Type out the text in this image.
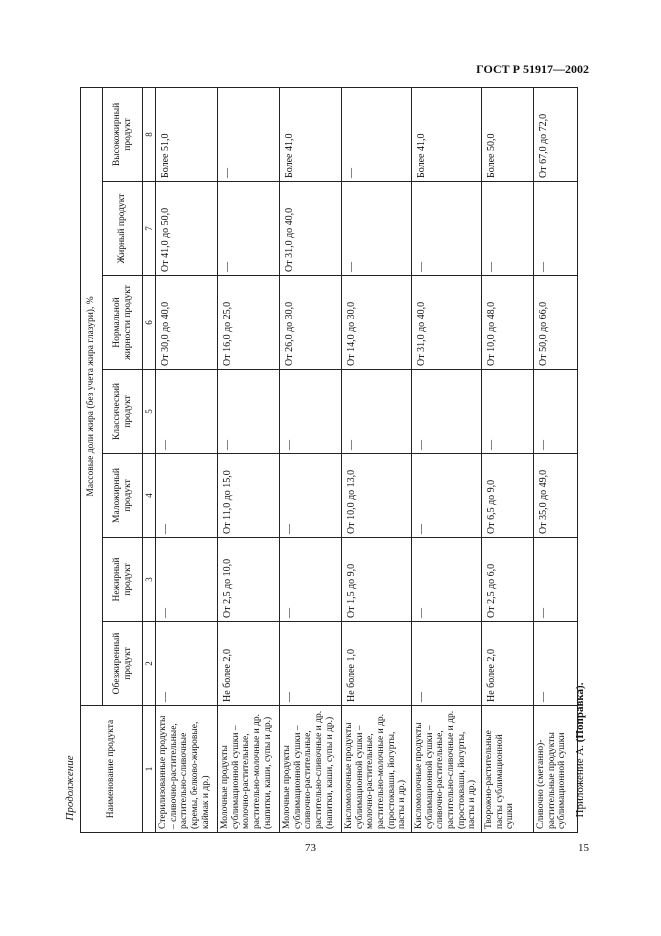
ГОСТ Р 51917—2002
Продолжение	Наименование продукта	Массовые доли жира (без учета жира глазури), %						
	Обезжиренный продукт	Нежирный продукт	Маложирный продукт	Классический продукт	Нормальной жирности продукт	Жирный продукт	Высокожирный продукт
1	2	3	4	5	6	7	8
Стерилизованные продукты – сливочно-растительные, растительно-сливочные (кремы, белково-жировые, каймак и др.)	—	—	—	—	От 30,0 до 40,0	От 41,0 до 50,0	Более 51,0
Молочные продукты сублимационной сушки – молочно-растительные, растительно-молочные и др. (напитки, каши, супы и др.)	Не более 2,0	От 2,5 до 10,0	От 11,0 до 15,0	—	От 16,0 до 25,0	—	—
Молочные продукты сублимационной сушки – сливочно-растительные, растительно-сливочные и др. (напитки, каши, супы и др.)	—	—	—	—	От 26,0 до 30,0	От 31,0 до 40,0	Более 41,0
Кисломолочные продукты сублимационной сушки – молочно-растительные, растительно-молочные и др. (простокваши, йогурты, пасты и др.)	Не более 1,0	От 1,5 до 9,0	От 10,0 до 13,0	—	От 14,0 до 30,0	—	—
Кисломолочные продукты сублимационной сушки – сливочно-растительные, растительно-сливочные и др. (простокваши, йогурты, пасты и др.)	—	—	—	—	От 31,0 до 40,0	—	Более 41,0
Творожно-растительные пасты сублимационной сушки	Не более 2,0	От 2,5 до 6,0	От 6,5 до 9,0	—	От 10,0 до 48,0	—	Более 50,0
Сливочно (сметанно)-растительные продукты сублимационной сушки	—	—	От 35,0 до 49,0	—	От 50,0 до 66,0	—	От 67,0 до 72,0
Приложение А. (Поправка).
73	15
